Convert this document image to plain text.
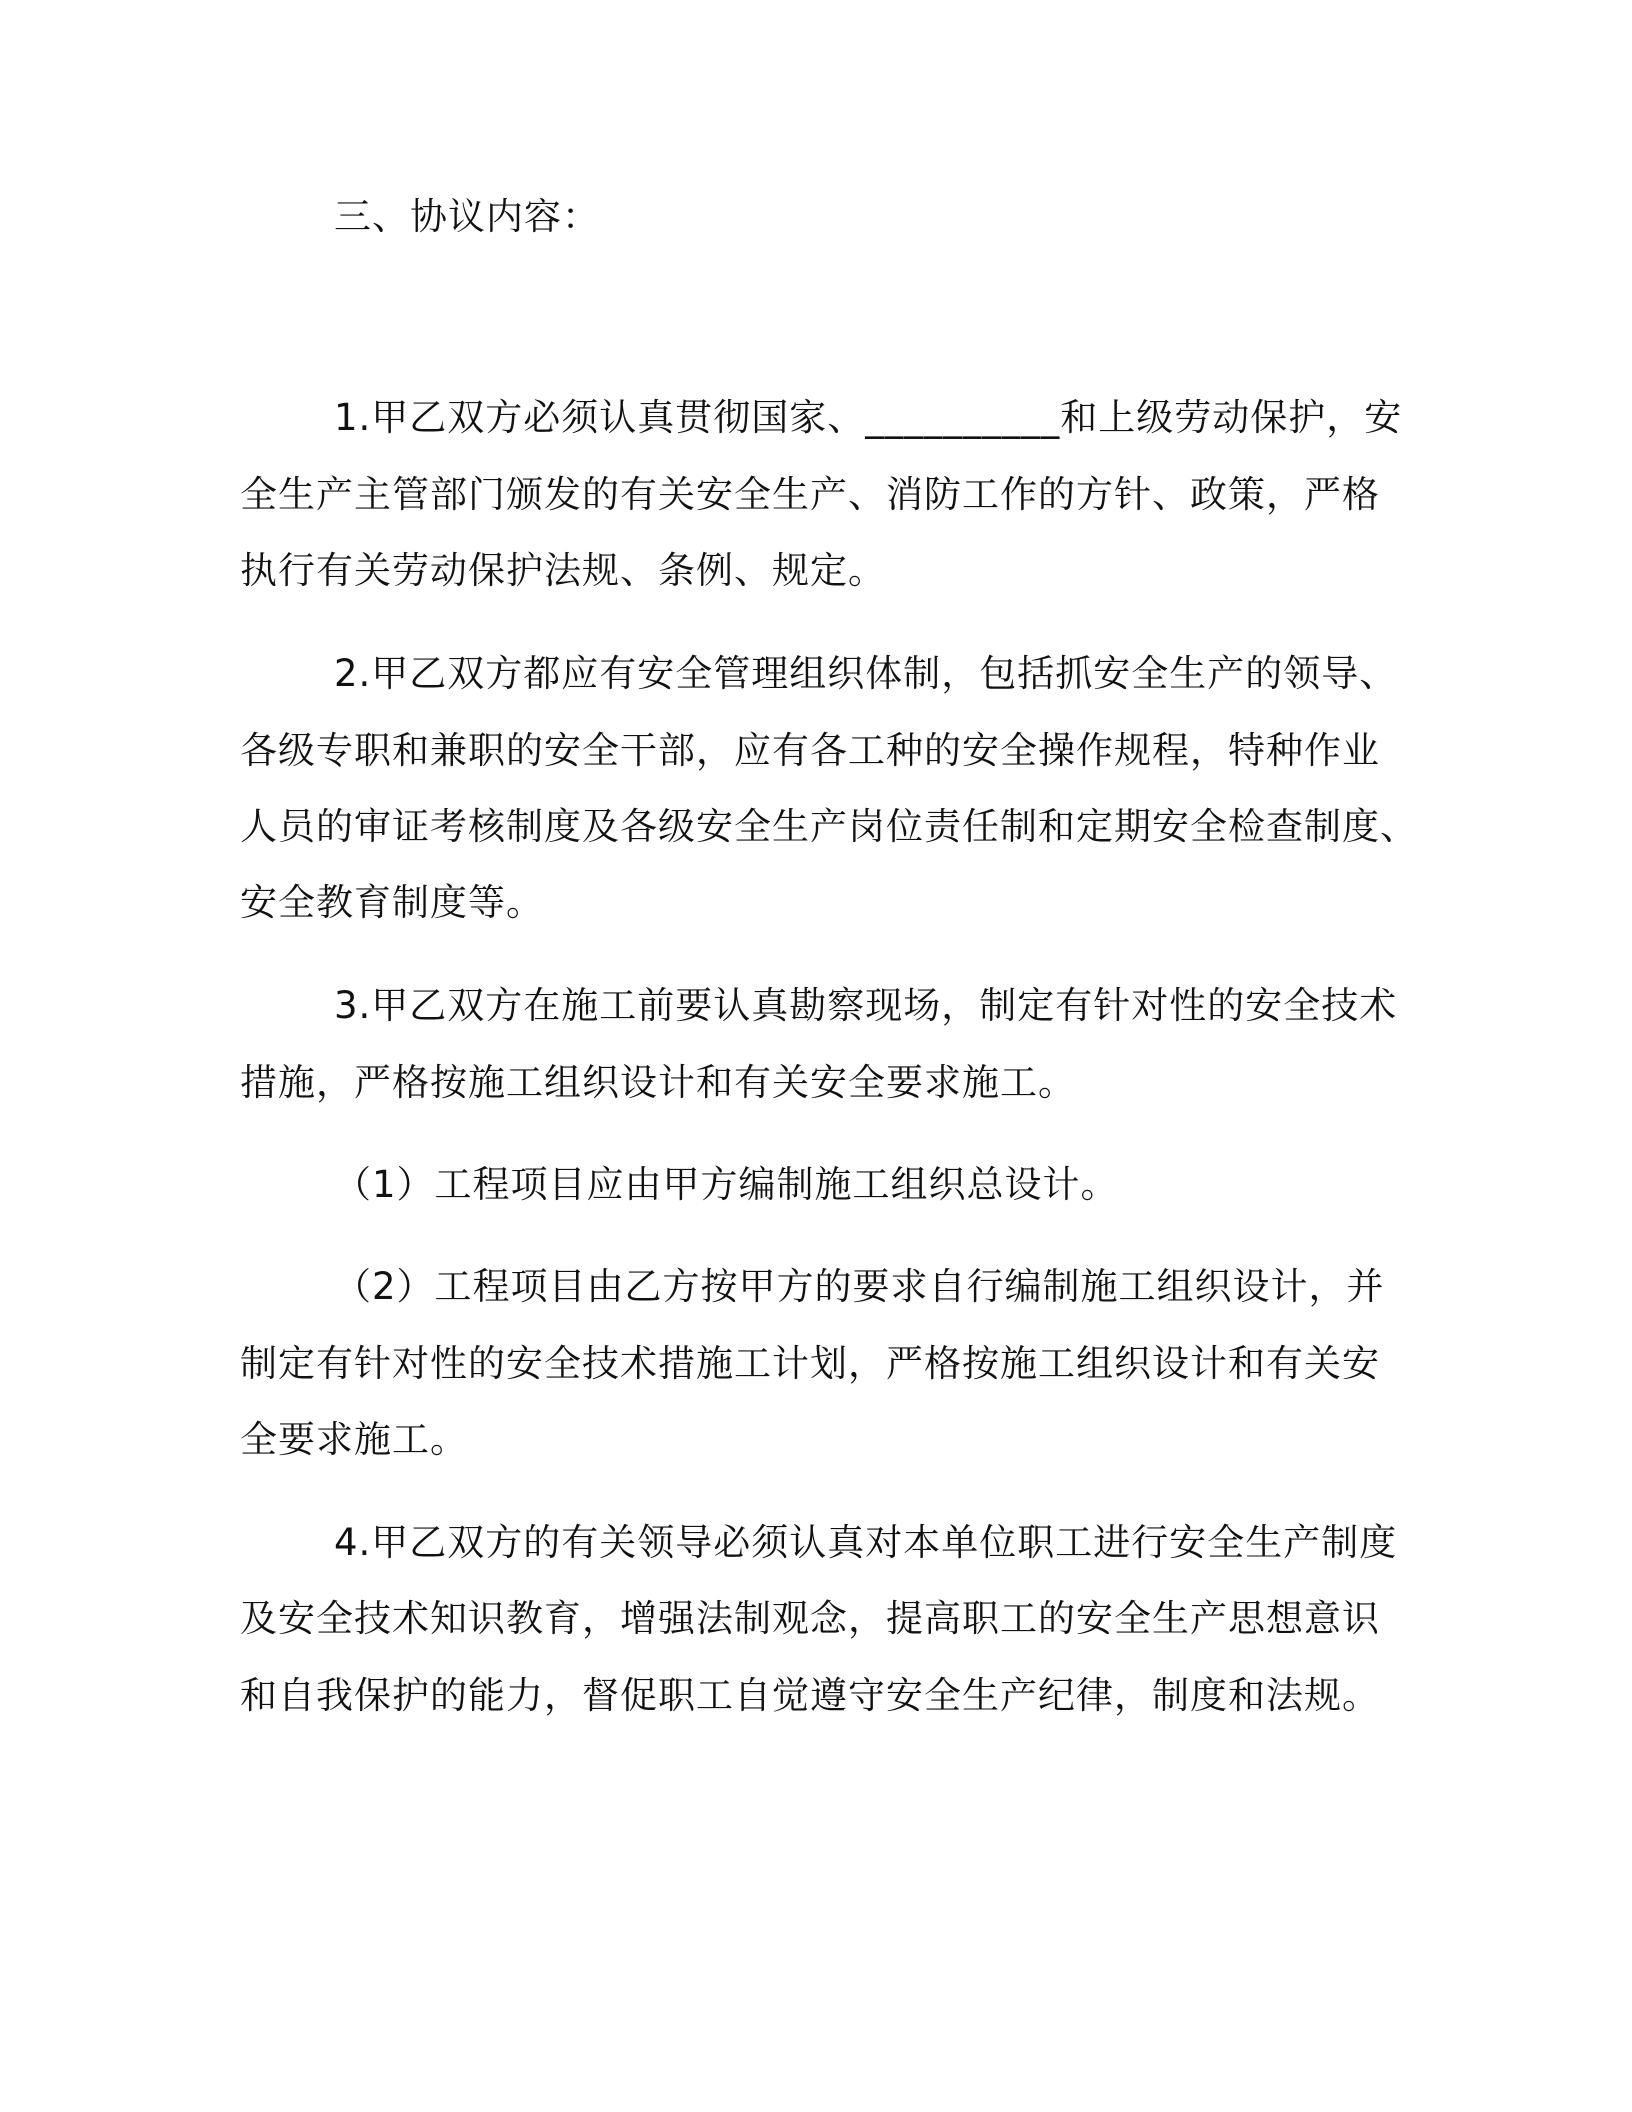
三、协议内容：
1.甲乙双方必须认真贯彻国家、__________和上级劳动保护，安
全生产主管部门颁发的有关安全生产、消防工作的方针、政策，严格
执行有关劳动保护法规、条例、规定。
2.甲乙双方都应有安全管理组织体制，包括抓安全生产的领导、
各级专职和兼职的安全干部，应有各工种的安全操作规程，特种作业
人员的审证考核制度及各级安全生产岗位责任制和定期安全检查制度、
安全教育制度等。
3.甲乙双方在施工前要认真勘察现场，制定有针对性的安全技术
措施，严格按施工组织设计和有关安全要求施工。
（1）工程项目应由甲方编制施工组织总设计。
（2）工程项目由乙方按甲方的要求自行编制施工组织设计，并
制定有针对性的安全技术措施工计划，严格按施工组织设计和有关安
全要求施工。
4.甲乙双方的有关领导必须认真对本单位职工进行安全生产制度
及安全技术知识教育，增强法制观念，提高职工的安全生产思想意识
和自我保护的能力，督促职工自觉遵守安全生产纪律，制度和法规。
